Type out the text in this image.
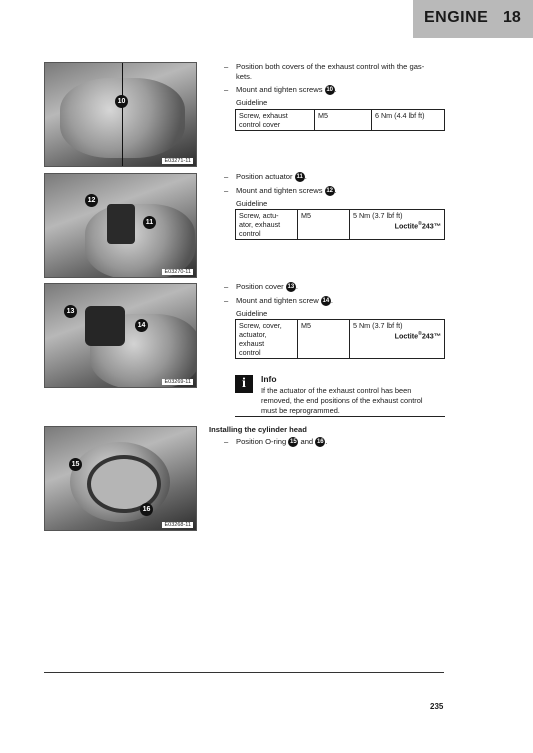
ENGINE 18
10
E03271-11
12
11
E03270-11
13
14
E03269-11
15
16
E03268-11
– Position both covers of the exhaust control with the gas-
kets.
– Mount and tighten screws 10 .
Guideline
Screw, exhaust
control cover	M5	6 Nm (4.4 lbf ft)
– Position actuator 11 .
– Mount and tighten screws 12 .
Guideline
Screw, actu-
ator, exhaust
control	M5	5 Nm (3.7 lbf ft)
Loctite®243™
– Position cover 13 .
– Mount and tighten screw 14 .
Guideline
Screw, cover,
actuator,
exhaust
control	M5	5 Nm (3.7 lbf ft)
Loctite®243™
i	Info
If the actuator of the exhaust control has been
removed, the end positions of the exhaust control
must be reprogrammed.
Installing the cylinder head
– Position O-ring 15 and 16 .
235
